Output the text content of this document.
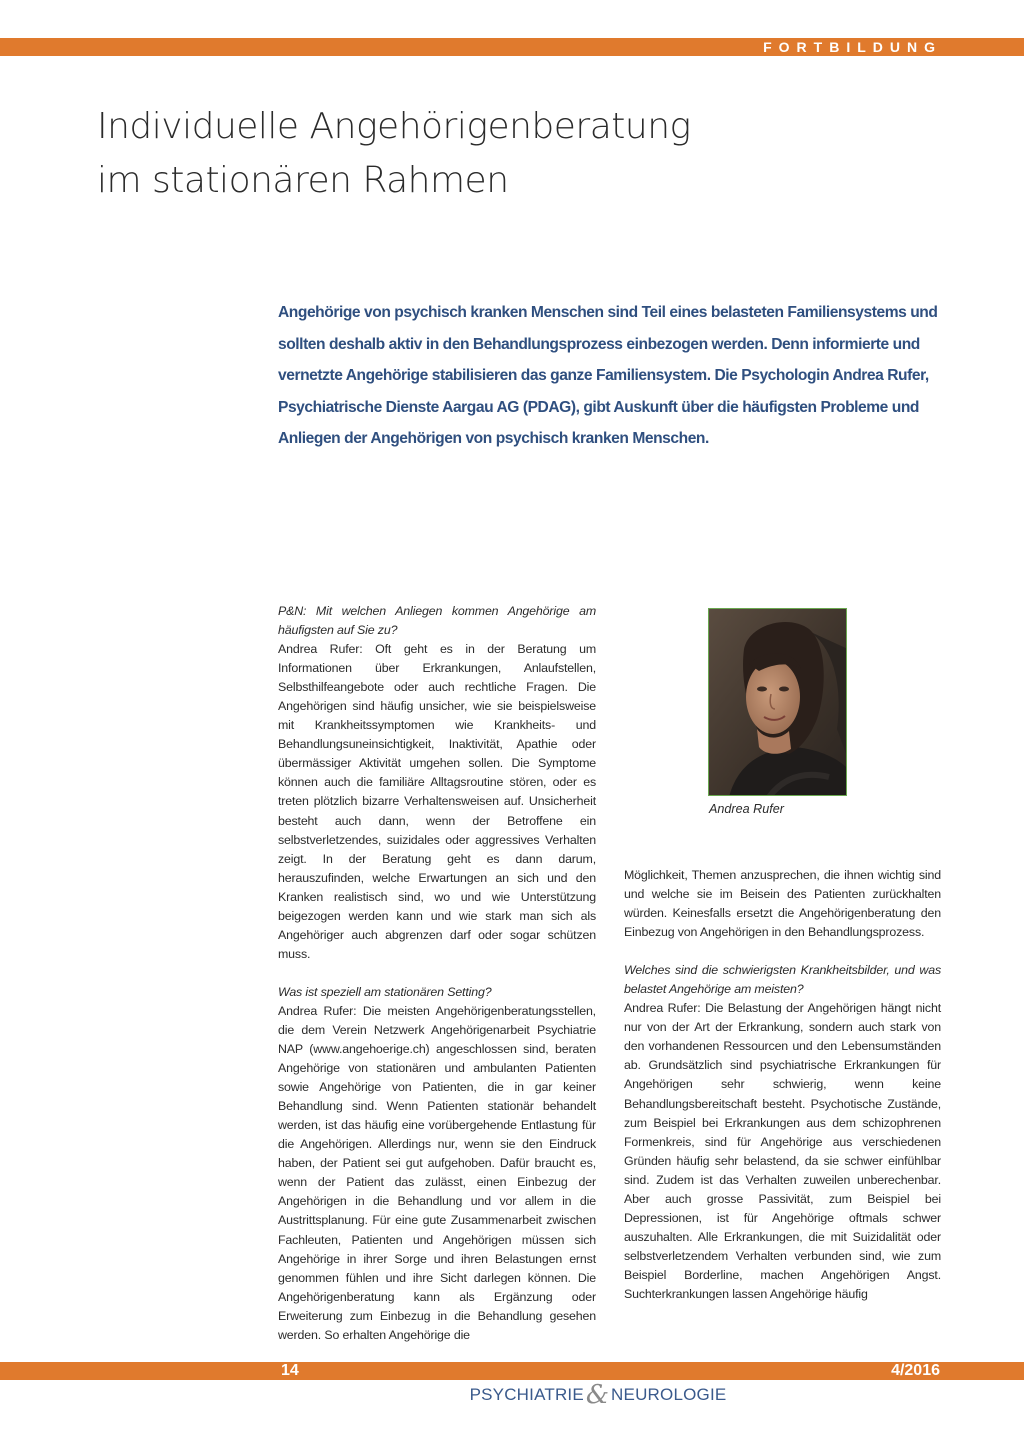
FORTBILDUNG
Individuelle Angehörigenberatung
im stationären Rahmen

Angehörige von psychisch kranken Menschen sind Teil eines belasteten Familiensystems und sollten deshalb aktiv in den Behandlungsprozess einbezogen werden. Denn informierte und vernetzte Angehörige stabilisieren das ganze Familiensystem. Die Psychologin Andrea Rufer, Psychiatrische Dienste Aargau AG (PDAG), gibt Auskunft über die häufigsten Probleme und Anliegen der Angehörigen von psychisch kranken Menschen.

P&N: Mit welchen Anliegen kommen Angehörige am häufigsten auf Sie zu?
Andrea Rufer: Oft geht es in der Beratung um Informationen über Erkrankungen, Anlaufstellen, Selbsthilfeangebote oder auch rechtliche Fragen. Die Angehörigen sind häufig unsicher, wie sie beispielsweise mit Krankheitssymptomen wie Krankheits- und Behandlungsuneinsichtigkeit, Inaktivität, Apathie oder übermässiger Aktivität umgehen sollen. Die Symptome können auch die familiäre Alltagsroutine stören, oder es treten plötzlich bizarre Verhaltensweisen auf. Unsicherheit besteht auch dann, wenn der Betroffene ein selbstverletzendes, suizidales oder aggressives Verhalten zeigt. In der Beratung geht es dann darum, herauszufinden, welche Erwartungen an sich und den Kranken realistisch sind, wo und wie Unterstützung beigezogen werden kann und wie stark man sich als Angehöriger auch abgrenzen darf oder sogar schützen muss.
Was ist speziell am stationären Setting?
Andrea Rufer: Die meisten Angehörigenberatungsstellen, die dem Verein Netzwerk Angehörigenarbeit Psychiatrie NAP (www.angehoerige.ch) angeschlossen sind, beraten Angehörige von stationären und ambulanten Patienten sowie Angehörige von Patienten, die in gar keiner Behandlung sind. Wenn Patienten stationär behandelt werden, ist das häufig eine vorübergehende Entlastung für die Angehörigen. Allerdings nur, wenn sie den Eindruck haben, der Patient sei gut aufgehoben. Dafür braucht es, wenn der Patient das zulässt, einen Einbezug der Angehörigen in die Behandlung und vor allem in die Austrittsplanung. Für eine gute Zusammenarbeit zwischen Fachleuten, Patienten und Angehörigen müssen sich Angehörige in ihrer Sorge und ihren Belastungen ernst genommen fühlen und ihre Sicht darlegen können. Die Angehörigenberatung kann als Ergänzung oder Erweiterung zum Einbezug in die Behandlung gesehen werden. So erhalten Angehörige die
Andrea Rufer
Möglichkeit, Themen anzusprechen, die ihnen wichtig sind und welche sie im Beisein des Patienten zurückhalten würden. Keinesfalls ersetzt die Angehörigenberatung den Einbezug von Angehörigen in den Behandlungsprozess.
Welches sind die schwierigsten Krankheitsbilder, und was belastet Angehörige am meisten?
Andrea Rufer: Die Belastung der Angehörigen hängt nicht nur von der Art der Erkrankung, sondern auch stark von den vorhandenen Ressourcen und den Lebensumständen ab. Grundsätzlich sind psychiatrische Erkrankungen für Angehörigen sehr schwierig, wenn keine Behandlungsbereitschaft besteht. Psychotische Zustände, zum Beispiel bei Erkrankungen aus dem schizophrenen Formenkreis, sind für Angehörige aus verschiedenen Gründen häufig sehr belastend, da sie schwer einfühlbar sind. Zudem ist das Verhalten zuweilen unberechenbar. Aber auch grosse Passivität, zum Beispiel bei Depressionen, ist für Angehörige oftmals schwer auszuhalten. Alle Erkrankungen, die mit Suizidalität oder selbstverletzendem Verhalten verbunden sind, wie zum Beispiel Borderline, machen Angehörigen Angst. Suchterkrankungen lassen Angehörige häufig
14	4/2016
PSYCHIATRIE& NEUROLOGIE
